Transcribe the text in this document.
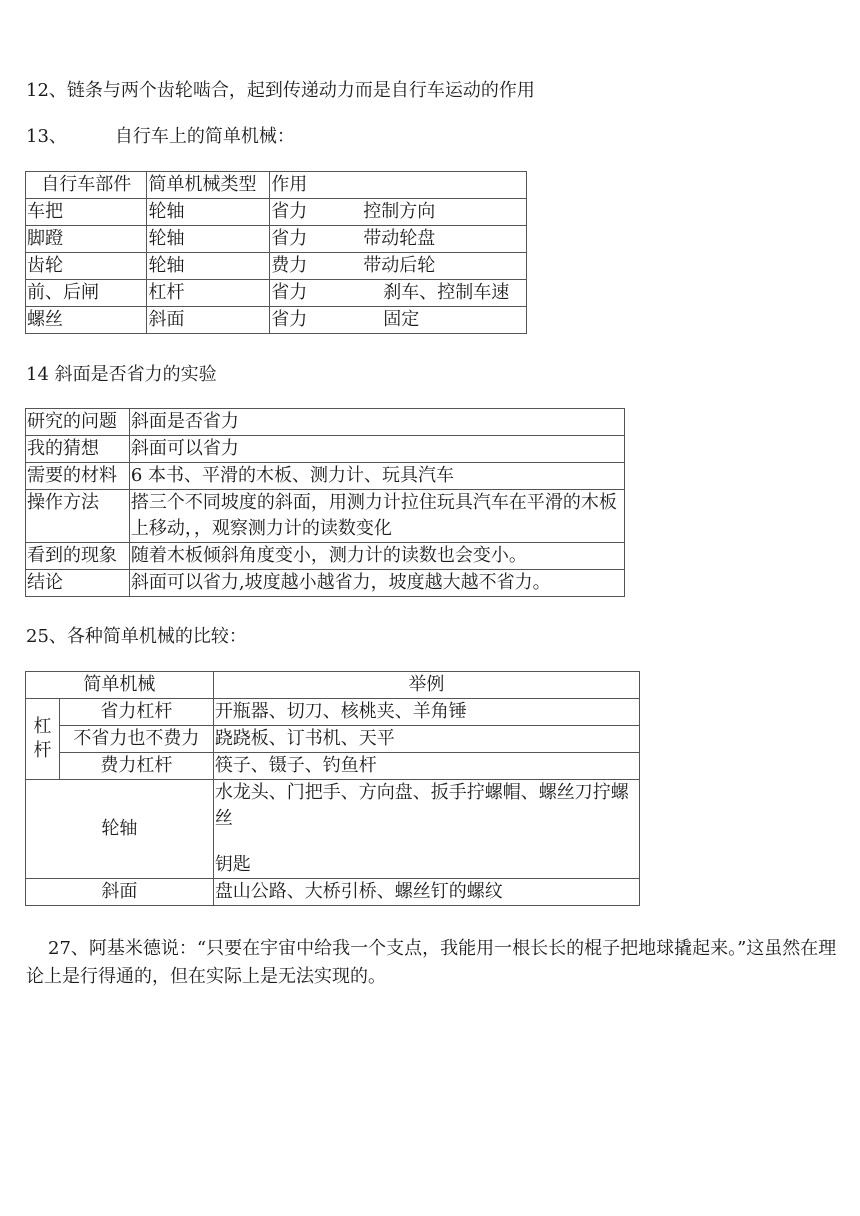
12、链条与两个齿轮啮合，起到传递动力而是自行车运动的作用

13、	自行车上的简单机械：

自行车部件	简单机械类型	作用
车把	轮轴	省力 控制方向
脚蹬	轮轴	省力 带动轮盘
齿轮	轮轴	费力 带动后轮
前、后闸	杠杆	省力 刹车、控制车速
螺丝	斜面	省力 固定

14 斜面是否省力的实验

研究的问题	斜面是否省力
我的猜想	斜面可以省力
需要的材料	6 本书、平滑的木板、测力计、玩具汽车
操作方法	搭三个不同坡度的斜面，用测力计拉住玩具汽车在平滑的木板上移动，，观察测力计的读数变化
看到的现象	随着木板倾斜角度变小，测力计的读数也会变小。
结论	斜面可以省力,坡度越小越省力，坡度越大越不省力。

25、各种简单机械的比较：

简单机械		举例
杠杆	省力杠杆	开瓶器、切刀、核桃夹、羊角锤
	不省力也不费力	跷跷板、订书机、天平
	费力杠杆	筷子、镊子、钓鱼杆
轮轴		水龙头、门把手、方向盘、扳手拧螺帽、螺丝刀拧螺丝
钥匙

斜面		盘山公路、大桥引桥、螺丝钉的螺纹

27、阿基米德说：“只要在宇宙中给我一个支点，我能用一根长长的棍子把地球撬起来。”这虽然在理论上是行得通的，但在实际上是无法实现的。
